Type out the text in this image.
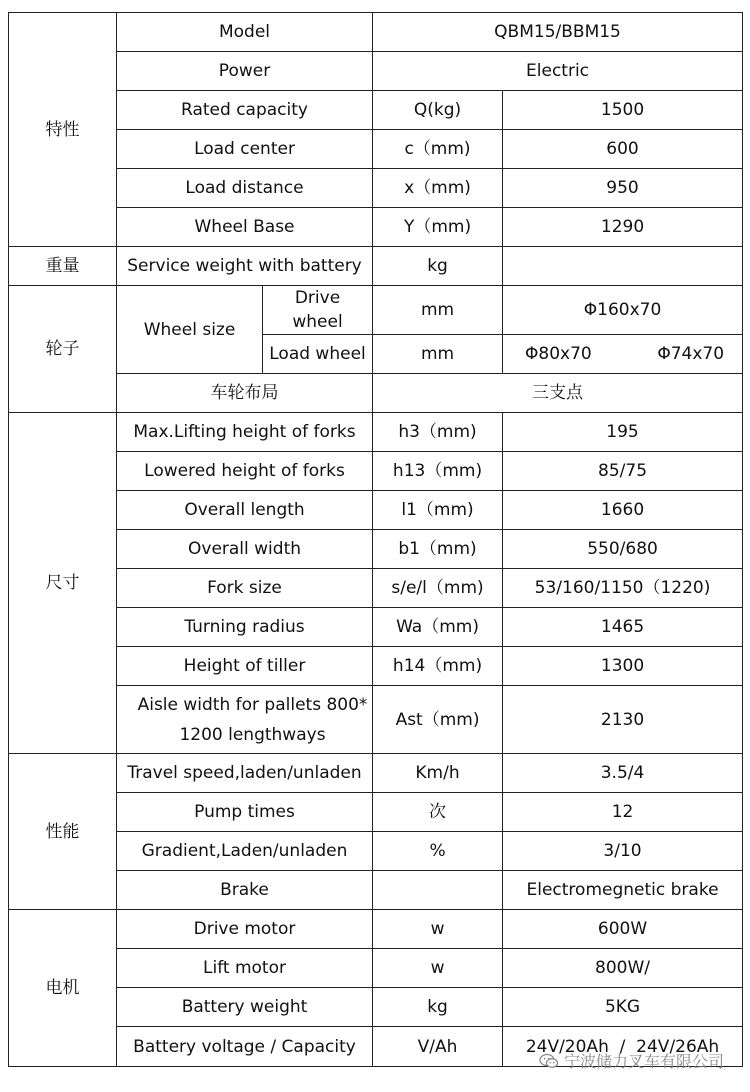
特性	Model		QBM15/BBM15	
	Power		Electric	
	Rated capacity		Q(kg)	1500
	Load center		c（mm)	600
	Load distance		x（mm)	950
	Wheel Base		Y（mm)	1290
重量	Service weight with battery		kg	
轮子	Wheel size	Drive wheel	mm	Φ160x70
		Load wheel	mm	Φ80x70 Φ74x70

	车轮布局		三支点	
尺寸	Max.Lifting height of forks		h3（mm)	195
	Lowered height of forks		h13（mm)	85/75
	Overall length		l1（mm)	1660
	Overall width		b1（mm)	550/680
	Fork size		s/e/l（mm)	53/160/1150（1220)
	Turning radius		Wa（mm)	1465
	Height of tiller		h14（mm)	1300

	Aisle width for pallets 800*
1200 lengthways		Ast（mm)	2130
性能	Travel speed,laden/unladen		Km/h	3.5/4
	Pump times		次	12
	Gradient,Laden/unladen		%	3/10
	Brake			Electromegnetic brake
电机	Drive motor		w	600W
	Lift motor		w	800W/
	Battery weight		kg	5KG
	Battery voltage / Capacity		V/Ah	24V/20Ah  /  24V/26Ah
宁波储力叉车有限公司
